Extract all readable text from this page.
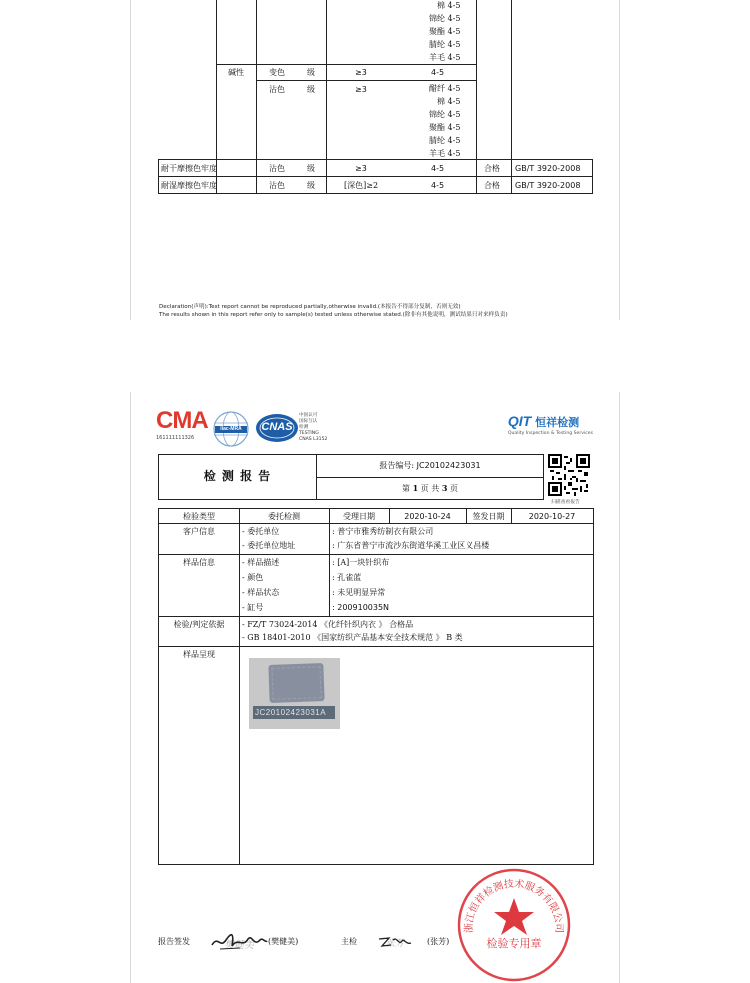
棉 4-5
锦纶 4-5
聚酯 4-5
腈纶 4-5
羊毛 4-5
碱性	变色	级	≥3	4-5
沾色	级	≥3	醋纤 4-5
棉 4-5
锦纶 4-5
聚酯 4-5
腈纶 4-5
羊毛 4-5
耐干摩擦色牢度	沾色	级	≥3	4-5	合格 GB/T 3920-2008
耐湿摩擦色牢度	沾色	级	[深色]≥2	4-5	合格 GB/T 3920-2008
Declaration(声明):Test report cannot be reproduced partially,otherwise invalid.(本报告不得部分复制，否则无效)
The results shown in this report refer only to sample(s) tested unless otherwise stated.(除非有其他说明，测试结果只对来样负责)
CMA
161111111326
ilac-MRA	CNAS
中国认可
国际互认
检测
TESTING
CNAS L3152
QIT 恒祥检测
Quality Inspection & Testing Services
检 测 报 告
报告编号: JC20102423031
第 1 页 共 3 页
扫描查看报告
检验类型	委托检测	受理日期	2020-10-24	签发日期	2020-10-27
客户信息	- 委托单位	: 普宁市雅秀纺制衣有限公司
- 委托单位地址	: 广东省普宁市流沙东街道华溪工业区义昌楼
样品信息	- 样品描述	: [A]一块针织布
- 颜色	: 孔雀蓝
- 样品状态	: 未见明显异常
- 缸号	: 200910035N
检验/判定依据	- FZ/T 73024-2014 《化纤针织内衣 》 合格品
- GB 18401-2010 《国家纺织产品基本安全技术规范 》 B 类
样品呈现
JC20102423031A
浙江恒祥检测技术服务有限公司
检验专用章
报告签发	樊健美	(樊健美)	主检	张芳	(张芳)
